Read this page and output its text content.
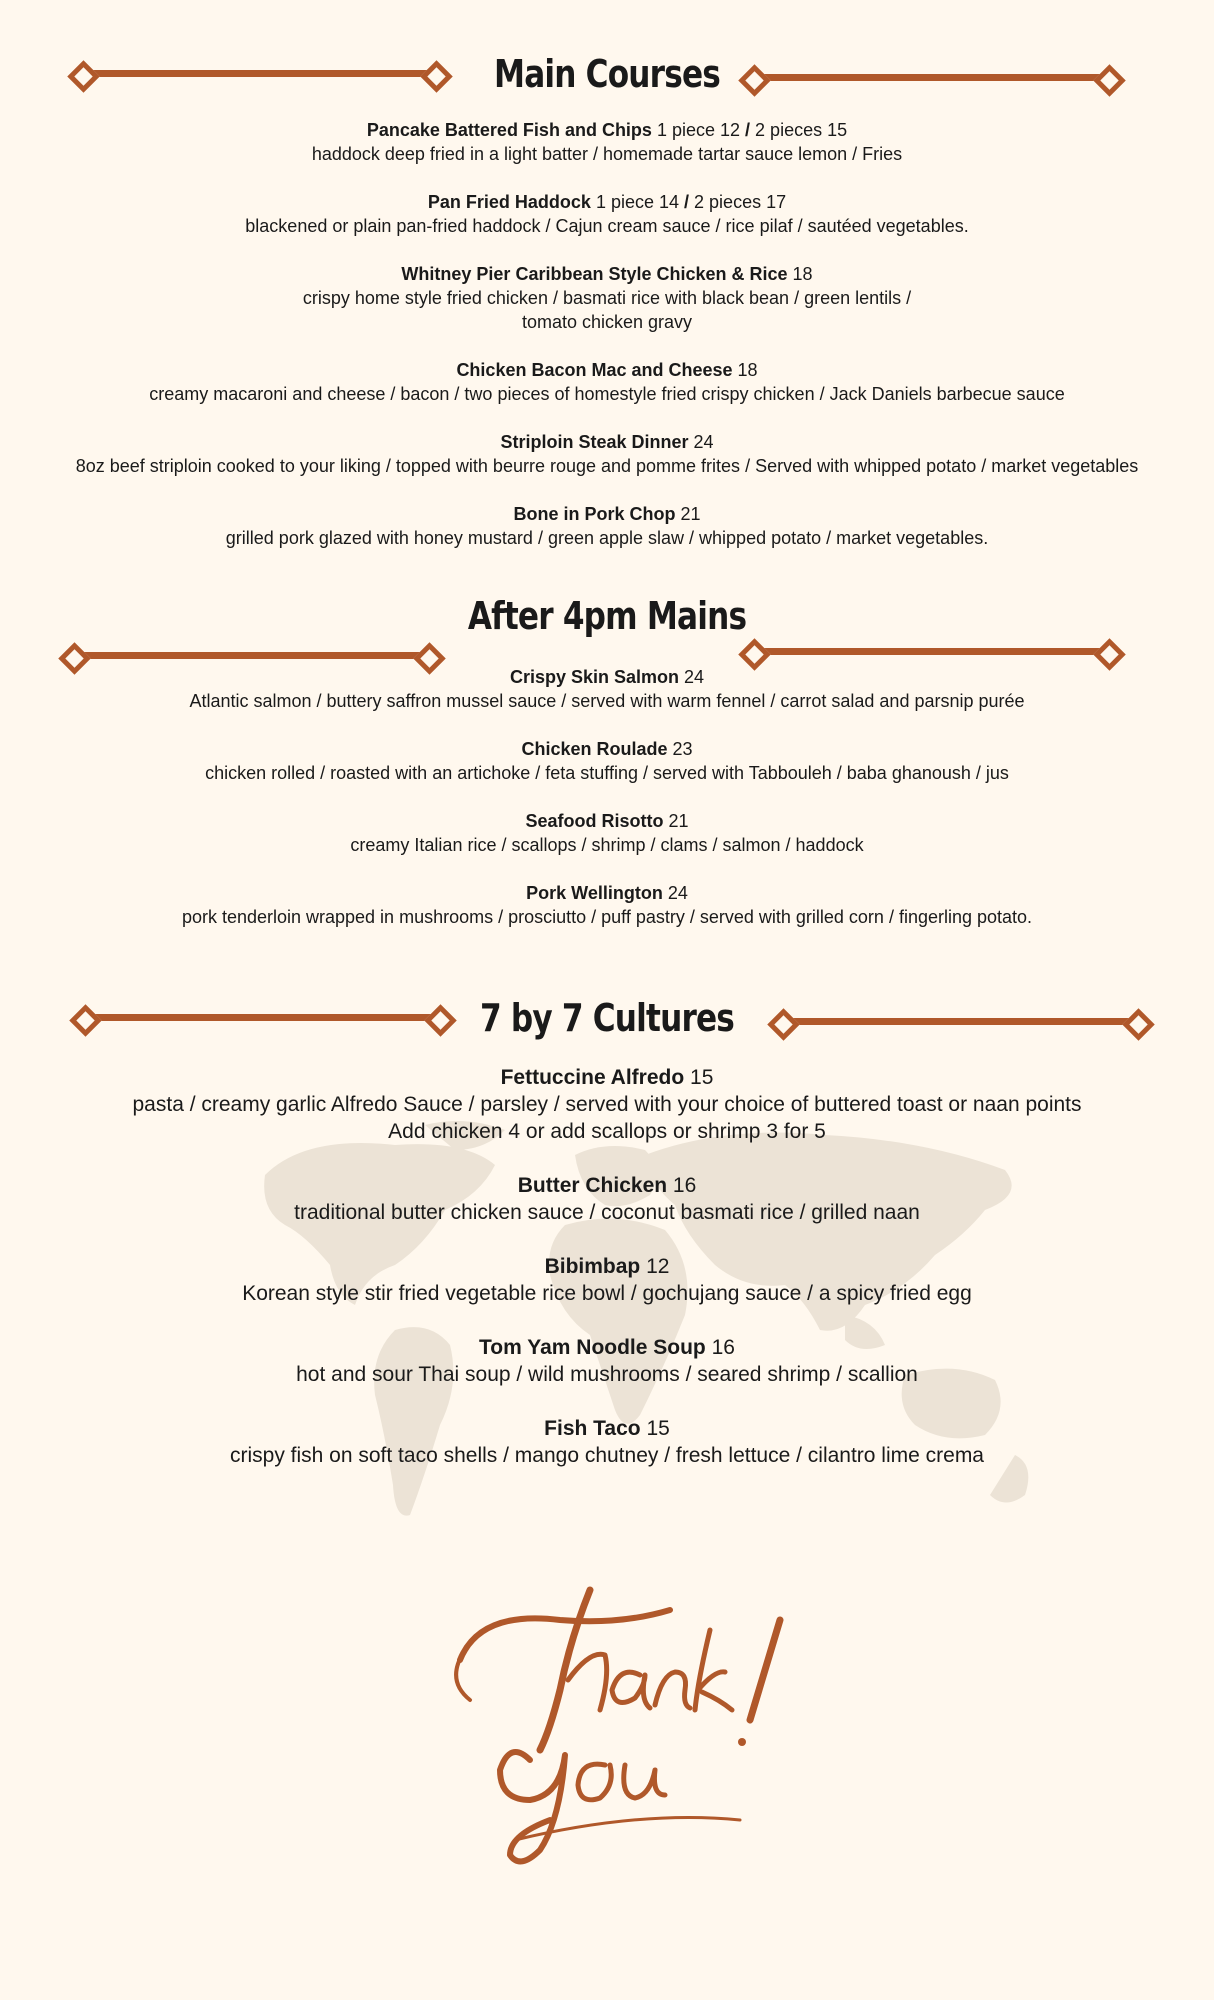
Main Courses
Pancake Battered Fish and Chips 1 piece 12 / 2 pieces 15
haddock deep fried in a light batter / homemade tartar sauce lemon / Fries
Pan Fried Haddock 1 piece 14 / 2 pieces 17
blackened or plain pan-fried haddock / Cajun cream sauce / rice pilaf / sautéed vegetables.
Whitney Pier Caribbean Style Chicken & Rice 18
crispy home style fried chicken / basmati rice with black bean / green lentils /
tomato chicken gravy
Chicken Bacon Mac and Cheese 18
creamy macaroni and cheese / bacon / two pieces of homestyle fried crispy chicken / Jack Daniels barbecue sauce
Striploin Steak Dinner 24
8oz beef striploin cooked to your liking / topped with beurre rouge and pomme frites / Served with whipped potato / market vegetables
Bone in Pork Chop 21
grilled pork glazed with honey mustard / green apple slaw / whipped potato / market vegetables.
After 4pm Mains
Crispy Skin Salmon 24
Atlantic salmon / buttery saffron mussel sauce / served with warm fennel / carrot salad and parsnip purée
Chicken Roulade 23
chicken rolled / roasted with an artichoke / feta stuffing / served with Tabbouleh / baba ghanoush / jus
Seafood Risotto 21
creamy Italian rice / scallops / shrimp / clams / salmon / haddock
Pork Wellington 24
pork tenderloin wrapped in mushrooms / prosciutto / puff pastry / served with grilled corn / fingerling potato.
7 by 7 Cultures
Fettuccine Alfredo 15
pasta / creamy garlic Alfredo Sauce / parsley / served with your choice of buttered toast or naan points
Add chicken 4 or add scallops or shrimp 3 for 5
Butter Chicken 16
traditional butter chicken sauce / coconut basmati rice / grilled naan
Bibimbap 12
Korean style stir fried vegetable rice bowl / gochujang sauce / a spicy fried egg
Tom Yam Noodle Soup 16
hot and sour Thai soup / wild mushrooms / seared shrimp / scallion
Fish Taco 15
crispy fish on soft taco shells / mango chutney / fresh lettuce / cilantro lime crema
